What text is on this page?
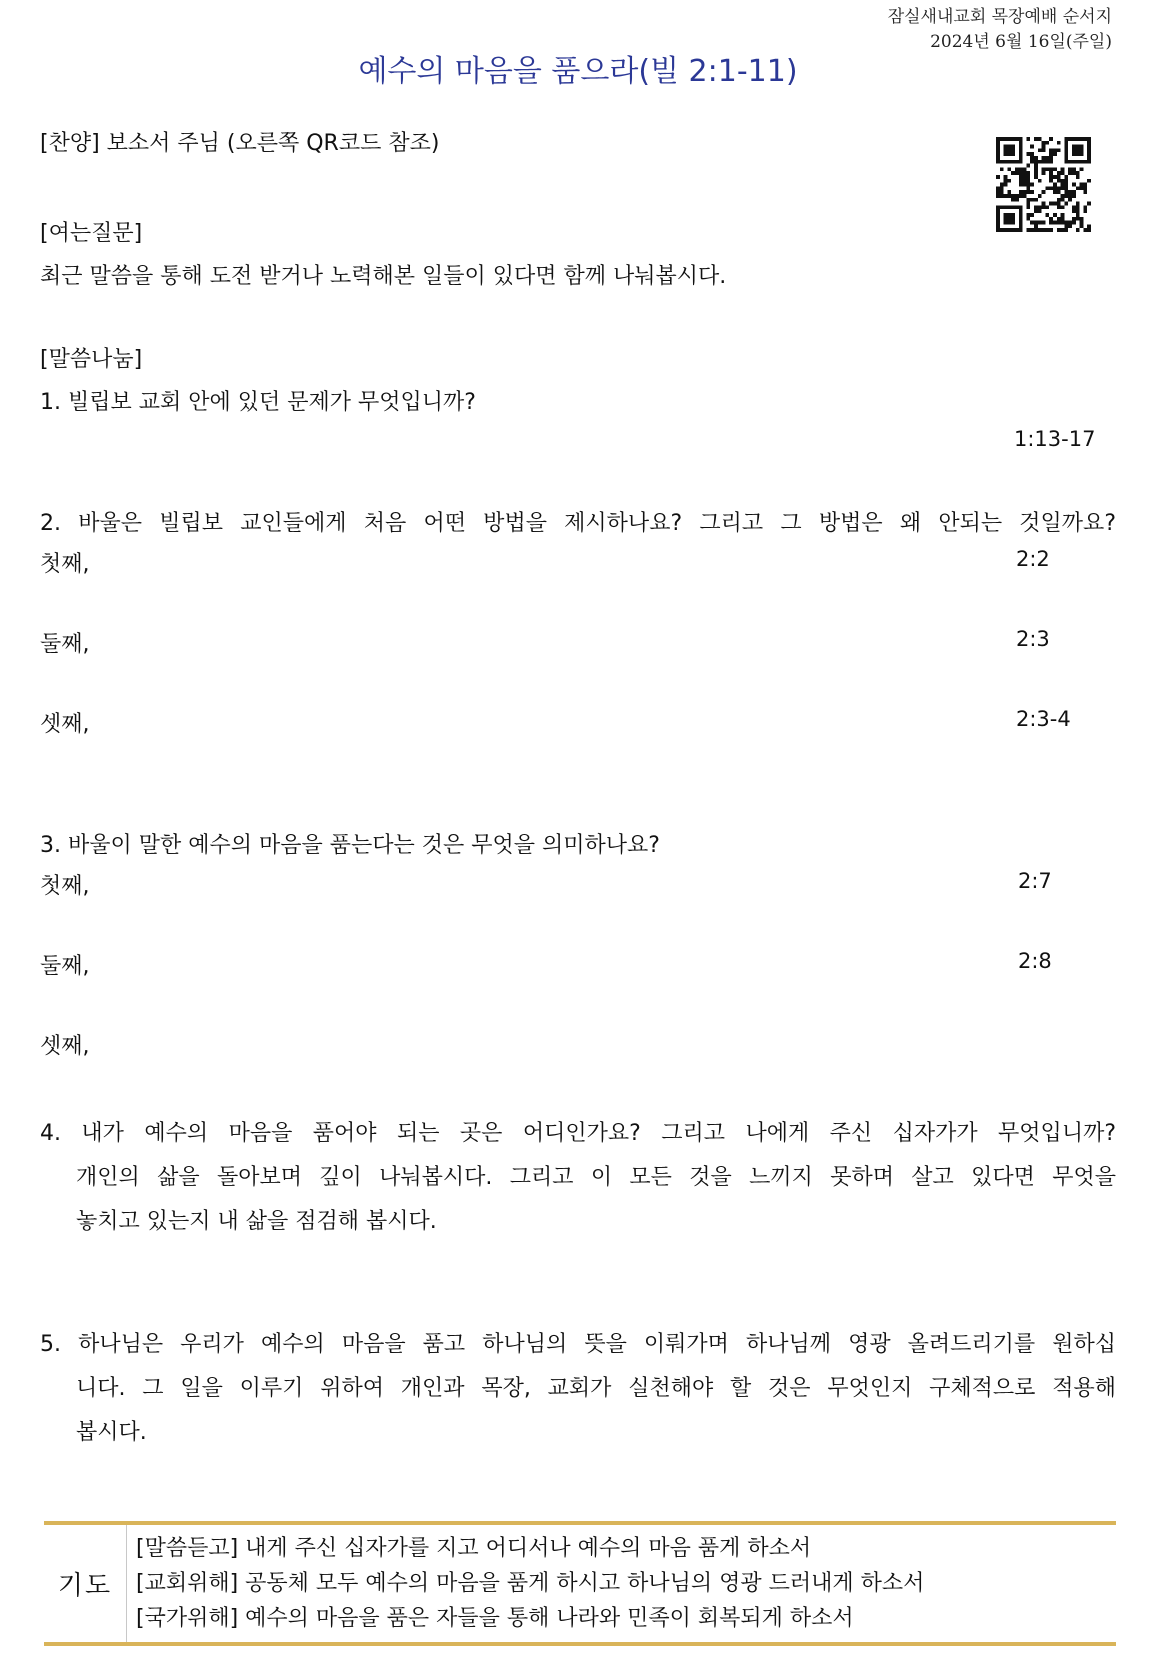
잠실새내교회 목장예배 순서지
2024년 6월 16일(주일)
예수의 마음을 품으라(빌 2:1-11)
[찬양] 보소서 주님 (오른쪽 QR코드 참조)
[여는질문]
최근 말씀을 통해 도전 받거나 노력해본 일들이 있다면 함께 나눠봅시다.
[말씀나눔]
1. 빌립보 교회 안에 있던 문제가 무엇입니까?
1:13-17
2. 바울은 빌립보 교인들에게 처음 어떤 방법을 제시하나요? 그리고 그 방법은 왜 안되는 것일까요?
첫째,	2:2
둘째,	2:3
셋째,	2:3-4
3. 바울이 말한 예수의 마음을 품는다는 것은 무엇을 의미하나요?
첫째,	2:7
둘째,	2:8
셋째,
4. 내가 예수의 마음을 품어야 되는 곳은 어디인가요? 그리고 나에게 주신 십자가가 무엇입니까?
개인의 삶을 돌아보며 깊이 나눠봅시다. 그리고 이 모든 것을 느끼지 못하며 살고 있다면 무엇을
놓치고 있는지 내 삶을 점검해 봅시다.
5. 하나님은 우리가 예수의 마음을 품고 하나님의 뜻을 이뤄가며 하나님께 영광 올려드리기를 원하십
니다. 그 일을 이루기 위하여 개인과 목장, 교회가 실천해야 할 것은 무엇인지 구체적으로 적용해
봅시다.
기도
[말씀듣고] 내게 주신 십자가를 지고 어디서나 예수의 마음 품게 하소서
[교회위해] 공동체 모두 예수의 마음을 품게 하시고 하나님의 영광 드러내게 하소서
[국가위해] 예수의 마음을 품은 자들을 통해 나라와 민족이 회복되게 하소서
